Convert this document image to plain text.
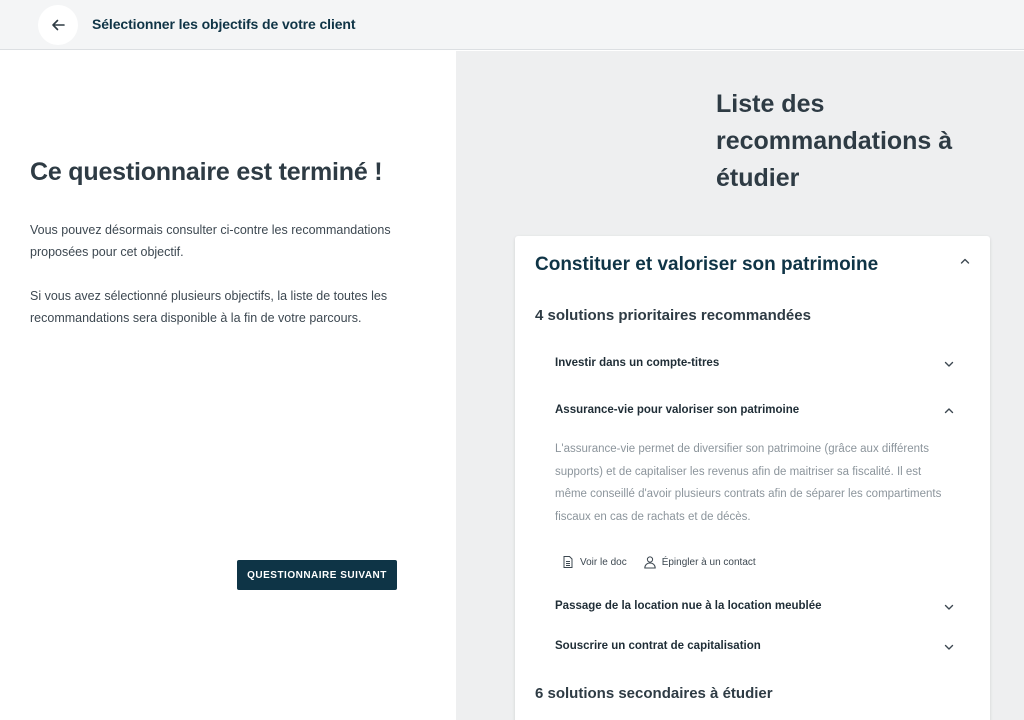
Sélectionner les objectifs de votre client
Ce questionnaire est terminé !

Vous pouvez désormais consulter ci-contre les recommandations proposées pour cet objectif.

Si vous avez sélectionné plusieurs objectifs, la liste de toutes les recommandations sera disponible à la fin de votre parcours.

QUESTIONNAIRE SUIVANT
Liste des recommandations à étudier
Constituer et valoriser son patrimoine
4 solutions prioritaires recommandées
Investir dans un compte-titres
Assurance-vie pour valoriser son patrimoine
L'assurance-vie permet de diversifier son patrimoine (grâce aux différents supports) et de capitaliser les revenus afin de maitriser sa fiscalité. Il est même conseillé d'avoir plusieurs contrats afin de séparer les compartiments fiscaux en cas de rachats et de décès.
Voir le doc	Épingler à un contact
Passage de la location nue à la location meublée
Souscrire un contrat de capitalisation
6 solutions secondaires à étudier
